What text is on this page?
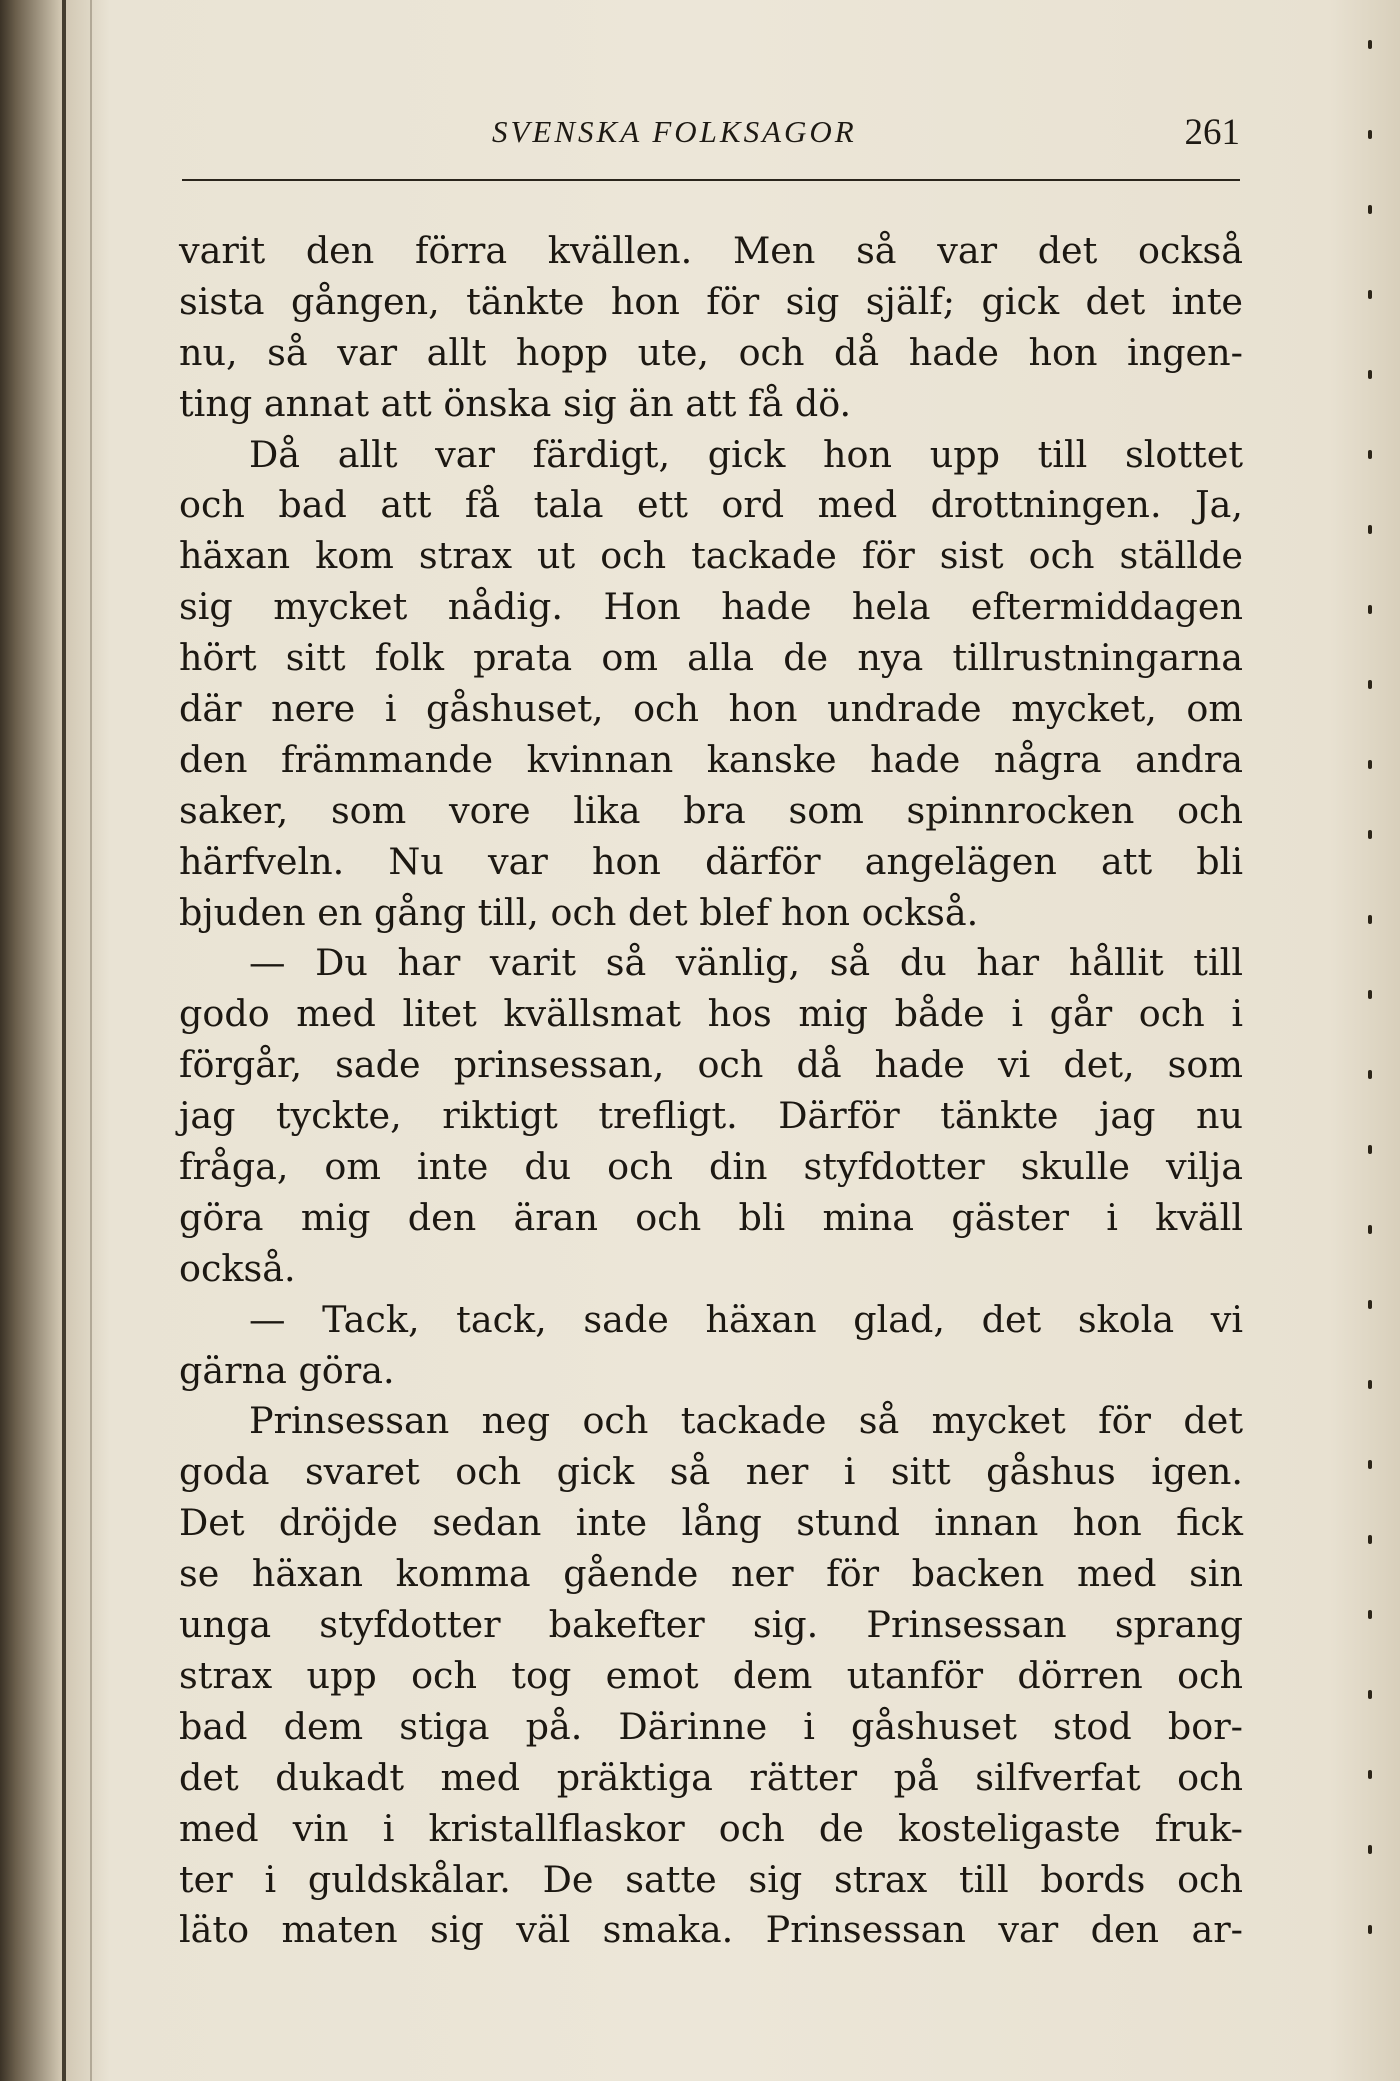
SVENSKA FOLKSAGOR	261
varit den förra kvällen. Men så var det också
sista gången, tänkte hon för sig själf; gick det inte
nu, så var allt hopp ute, och då hade hon ingen-
ting annat att önska sig än att få dö.
Då allt var färdigt, gick hon upp till slottet
och bad att få tala ett ord med drottningen. Ja,
häxan kom strax ut och tackade för sist och ställde
sig mycket nådig. Hon hade hela eftermiddagen
hört sitt folk prata om alla de nya tillrustningarna
där nere i gåshuset, och hon undrade mycket, om
den främmande kvinnan kanske hade några andra
saker, som vore lika bra som spinnrocken och
härfveln. Nu var hon därför angelägen att bli
bjuden en gång till, och det blef hon också.
— Du har varit så vänlig, så du har hållit till
godo med litet kvällsmat hos mig både i går och i
förgår, sade prinsessan, och då hade vi det, som
jag tyckte, riktigt trefligt. Därför tänkte jag nu
fråga, om inte du och din styfdotter skulle vilja
göra mig den äran och bli mina gäster i kväll
också.
— Tack, tack, sade häxan glad, det skola vi
gärna göra.
Prinsessan neg och tackade så mycket för det
goda svaret och gick så ner i sitt gåshus igen.
Det dröjde sedan inte lång stund innan hon fick
se häxan komma gående ner för backen med sin
unga styfdotter bakefter sig. Prinsessan sprang
strax upp och tog emot dem utanför dörren och
bad dem stiga på. Därinne i gåshuset stod bor-
det dukadt med präktiga rätter på silfverfat och
med vin i kristallflaskor och de kosteligaste fruk-
ter i guldskålar. De satte sig strax till bords och
läto maten sig väl smaka. Prinsessan var den ar-
